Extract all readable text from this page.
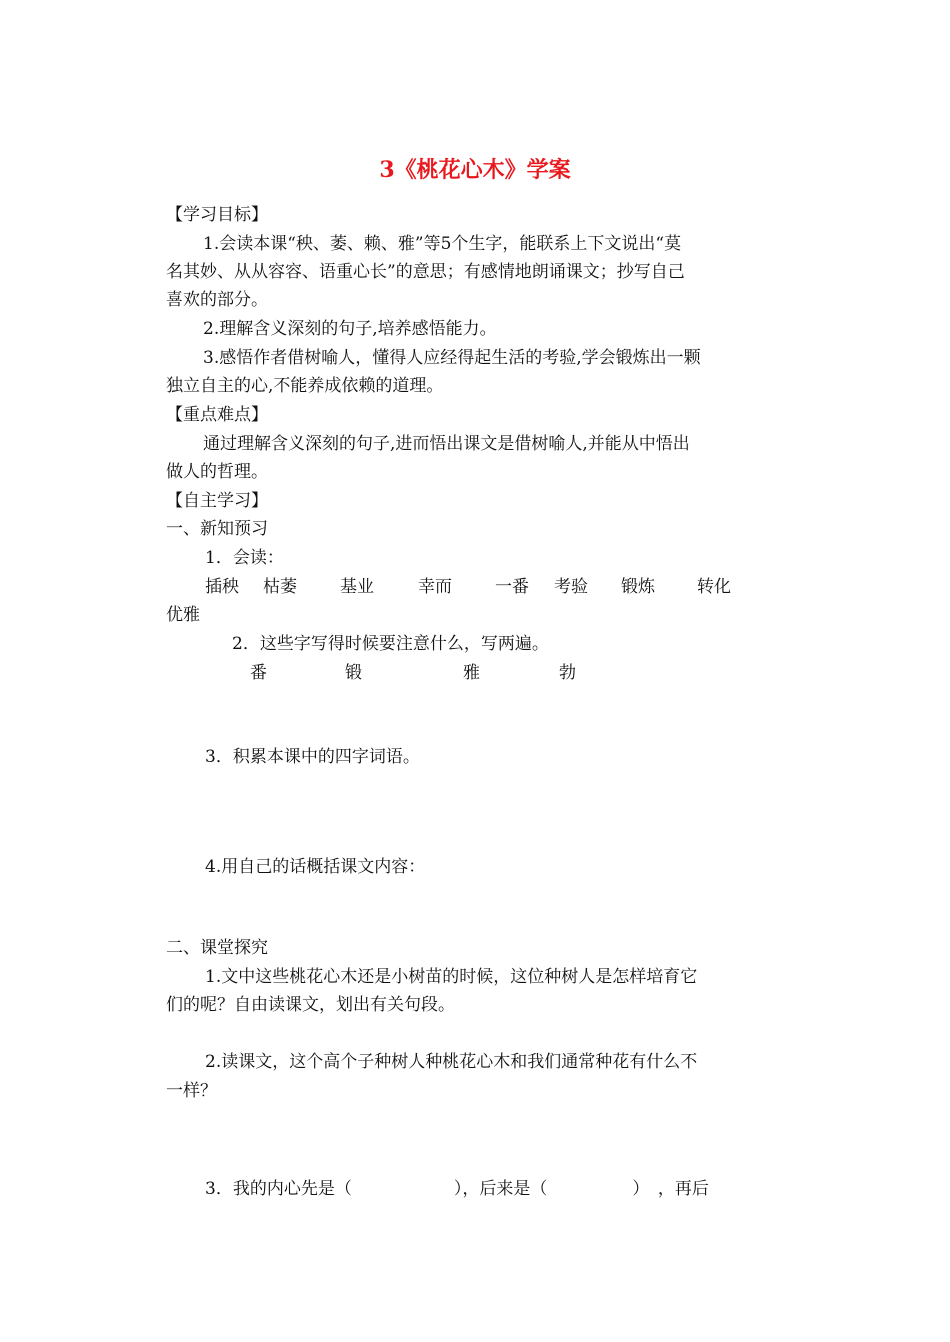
3《桃花心木》学案
【学习目标】
1.会读本课“秧、萎、赖、雅”等5个生字，能联系上下文说出“莫
名其妙、从从容容、语重心长”的意思；有感情地朗诵课文；抄写自己
喜欢的部分。
2.理解含义深刻的句子,培养感悟能力。
3.感悟作者借树喻人，懂得人应经得起生活的考验,学会锻炼出一颗
独立自主的心,不能养成依赖的道理。
【重点难点】
通过理解含义深刻的句子,进而悟出课文是借树喻人,并能从中悟出
做人的哲理。
【自主学习】
一、新知预习
1．会读：
插秧 枯萎	基业	幸而	一番 考验 锻炼 转化
优雅
2．这些字写得时候要注意什么，写两遍。
番	锻	雅	勃
3．积累本课中的四字词语。
4.用自己的话概括课文内容：
二、课堂探究
1.文中这些桃花心木还是小树苗的时候，这位种树人是怎样培育它
们的呢？自由读课文，划出有关句段。
2.读课文，这个高个子种树人种桃花心木和我们通常种花有什么不
一样？
3．我的内心先是（　　　　　　），后来是（　　　　　）　，再后
